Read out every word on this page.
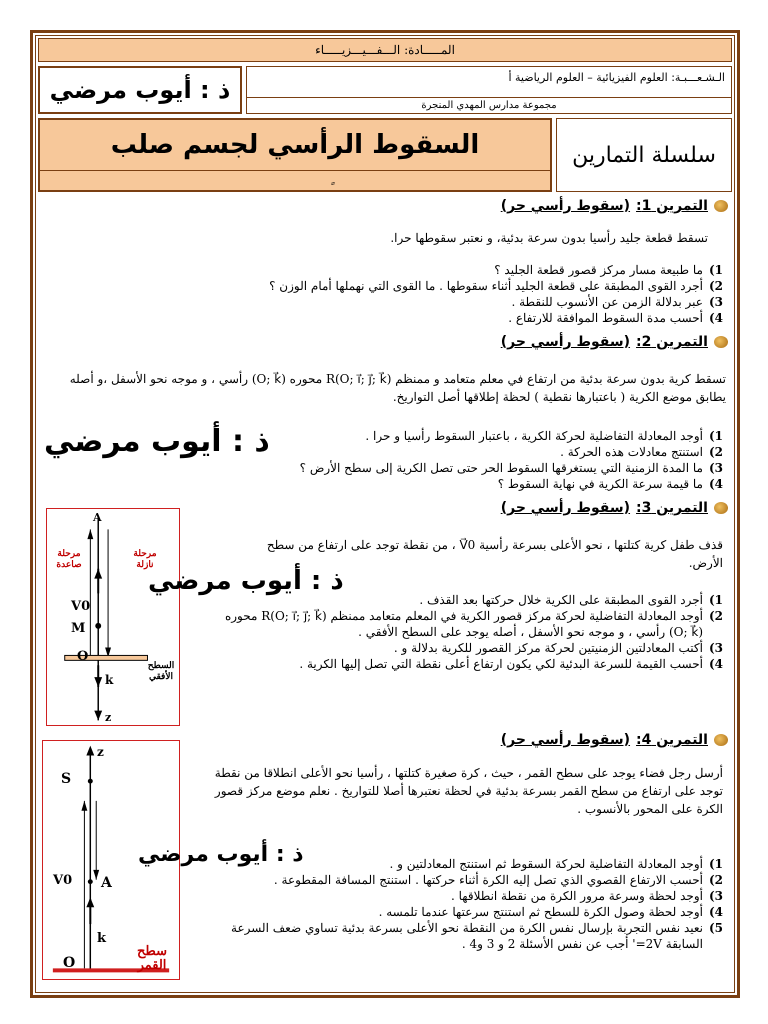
المـــــادة: الـــفـــيـــزيـــــاء
الـشـعـــبـة: العلوم الفيزيائية – العلوم الرياضية أ
مجموعة مدارس المهدي المنجرة
ذ : أيوب مرضي
سلسلة التمارين
السقوط الرأسي لجسم صلب
التمرين 1:
(سقوط رأسي حر)
تسقط قطعة جليد رأسيا بدون سرعة بدئية، و نعتبر سقوطها حرا.
1)
ما طبيعة مسار مركز قصور قطعة الجليد ؟
2)
أجرد القوى المطبقة على قطعة الجليد أثناء سقوطها . ما القوى التي نهملها أمام الوزن ؟
3)
عبر بدلالة الزمن عن الأنسوب للنقطة .
4)
أحسب مدة السقوط الموافقة للارتفاع .
التمرين 2:
(سقوط رأسي حر)
تسقط كرية بدون سرعة بدئية من ارتفاع في معلم متعامد و ممنظم R(O; i⃗; j⃗; k⃗) محوره (O; k⃗) رأسي ، و موجه نحو الأسفل ،و أصله يطابق موضع الكرية ( باعتبارها نقطية ) لحظة إطلاقها أصل التواريخ.
ذ : أيوب مرضي	1)
أوجد المعادلة التفاضلية لحركة الكرية ، باعتبار السقوط رأسيا و حرا .
2)
استنتج معادلات هذه الحركة .
3)
ما المدة الزمنية التي يستغرقها السقوط الحر حتى تصل الكرية إلى سطح الأرض ؟
4)
ما قيمة سرعة الكرية في نهاية السقوط ؟
التمرين 3:
(سقوط رأسي حر)
A
V0
M
O
k
z
مرحلة صاعدة
مرحلة نازلة
السطح الأفقي
قذف طفل كرية كتلتها ، نحو الأعلى بسرعة رأسية V⃗0 ، من نقطة توجد على ارتفاع من سطح الأرض.
ذ : أيوب مرضي
1)
أجرد القوى المطبقة على الكرية خلال حركتها بعد القذف .
2)
أوجد المعادلة التفاضلية لحركة مركز قصور الكرية في المعلم متعامد ممنظم R(O; i⃗; j⃗; k⃗) محوره (O; k⃗) رأسي ، و موجه نحو الأسفل ، أصله يوجد على السطح الأفقي .
3)
أكتب المعادلتين الزمنيتين لحركة مركز القصور للكرية بدلالة و .
4)
أحسب القيمة للسرعة البدئية لكي يكون ارتفاع أعلى نقطة التي تصل إليها الكرية .
التمرين 4:
(سقوط رأسي حر)
z
S
V0 A
O
k
سطح القمر
أرسل رجل فضاء يوجد على سطح القمر ، حيث ، كرة صغيرة كتلتها ، رأسيا نحو الأعلى انطلاقا من نقطة توجد على ارتفاع من سطح القمر بسرعة بدئية في لحظة نعتبرها أصلا للتواريخ . نعلم موضع مركز قصور الكرة على المحور بالأنسوب .
ذ : أيوب مرضي	1)
أوجد المعادلة التفاضلية لحركة السقوط ثم استنتج المعادلتين و .
2)
أحسب الارتفاع القصوي الذي تصل إليه الكرة أثناء حركتها . استنتج المسافة المقطوعة .
3)
أوجد لحظة وسرعة مرور الكرة من نقطة انطلاقها .
4)
أوجد لحظة وصول الكرة للسطح ثم استنتج سرعتها عندما تلمسه .
5)
نعيد نفس التجربة بإرسال نفس الكرة من النقطة نحو الأعلى بسرعة بدئية تساوي ضعف السرعة السابقة 2V=' أجب عن نفس الأسئلة 2 و 3 و4 .
